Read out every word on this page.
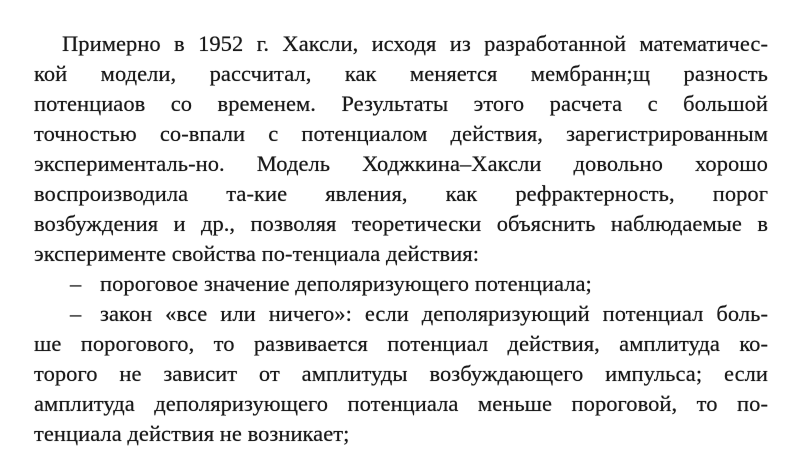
Примерно в 1952 г. Хаксли, исходя из разработанной математичес-
кой модели, рассчитал, как меняется мембранн;щ разность
потенциаов со временем. Результаты этого расчета с большой
точностью со-впали с потенциалом действия, зарегистрированным
эксперименталь-но. Модель Ходжкина–Хаксли довольно хорошо
воспроизводила та-кие явления, как рефрактерность, порог
возбуждения и др., позволяя теоретически объяснить наблюдаемые в
эксперименте свойства по-тенциала действия:
– пороговое значение деполяризующего потенциала;
– закон «все или ничего»: если деполяризующий потенциал боль-
ше порогового, то развивается потенциал действия, амплитуда ко-
торого не зависит от амплитуды возбуждающего импульса; если
амплитуда деполяризующего потенциала меньше пороговой, то по-
тенциала действия не возникает;
